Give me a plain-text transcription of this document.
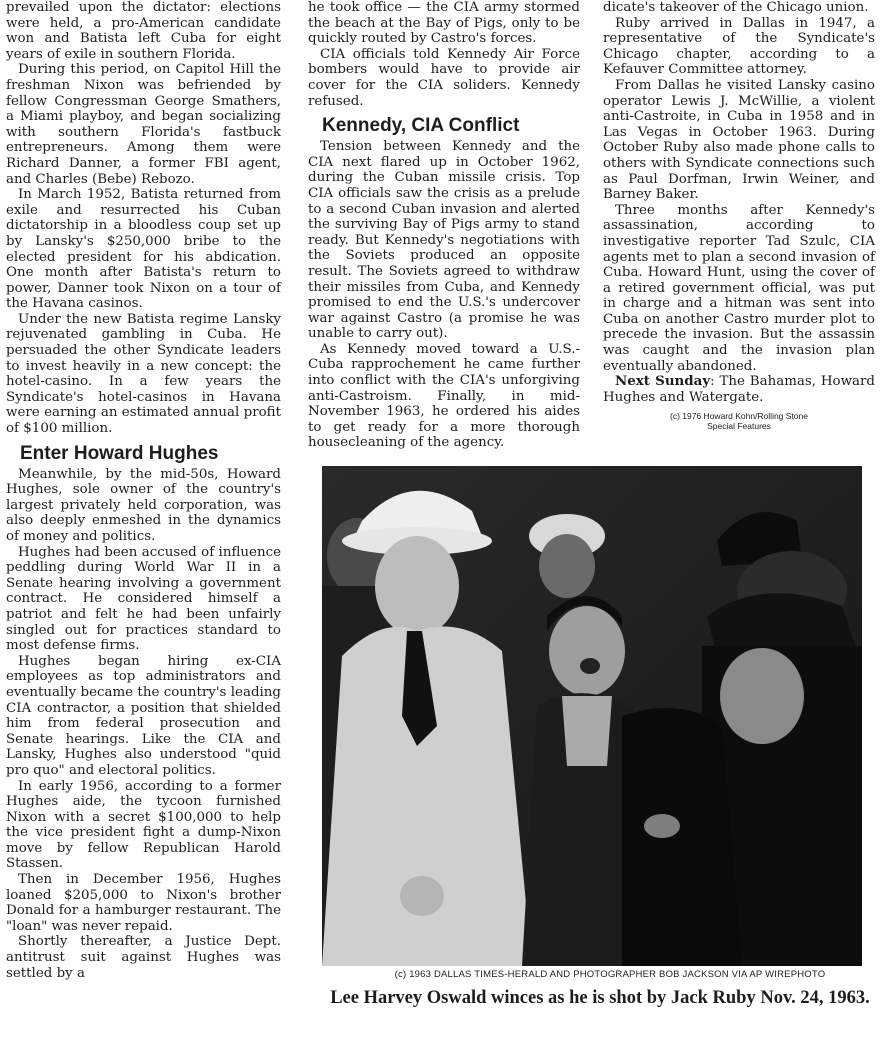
prevailed upon the dictator: elections were held, a pro-American candidate won and Batista left Cuba for eight years of exile in southern Florida.

During this period, on Capitol Hill the freshman Nixon was befriended by fellow Congressman George Smathers, a Miami playboy, and began socializing with southern Florida's fastbuck entrepreneurs. Among them were Richard Danner, a former FBI agent, and Charles (Bebe) Rebozo.

In March 1952, Batista returned from exile and resurrected his Cuban dictatorship in a bloodless coup set up by Lansky's $250,000 bribe to the elected president for his abdication. One month after Batista's return to power, Danner took Nixon on a tour of the Havana casinos.

Under the new Batista regime Lansky rejuvenated gambling in Cuba. He persuaded the other Syndicate leaders to invest heavily in a new concept: the hotel-casino. In a few years the Syndicate's hotel-casinos in Havana were earning an estimated annual profit of $100 million.

Enter Howard Hughes

Meanwhile, by the mid-50s, Howard Hughes, sole owner of the country's largest privately held corporation, was also deeply enmeshed in the dynamics of money and politics.

Hughes had been accused of influence peddling during World War II in a Senate hearing involving a government contract. He considered himself a patriot and felt he had been unfairly singled out for practices standard to most defense firms.

Hughes began hiring ex-CIA employees as top administrators and eventually became the country's leading CIA contractor, a position that shielded him from federal prosecution and Senate hearings. Like the CIA and Lansky, Hughes also understood "quid pro quo" and electoral politics.

In early 1956, according to a former Hughes aide, the tycoon furnished Nixon with a secret $100,000 to help the vice president fight a dump-Nixon move by fellow Republican Harold Stassen.

Then in December 1956, Hughes loaned $205,000 to Nixon's brother Donald for a hamburger restaurant. The "loan" was never repaid.

Shortly thereafter, a Justice Dept. antitrust suit against Hughes was settled by a

he took office — the CIA army stormed the beach at the Bay of Pigs, only to be quickly routed by Castro's forces.

CIA officials told Kennedy Air Force bombers would have to provide air cover for the CIA soliders. Kennedy refused.

Kennedy, CIA Conflict

Tension between Kennedy and the CIA next flared up in October 1962, during the Cuban missile crisis. Top CIA officials saw the crisis as a prelude to a second Cuban invasion and alerted the surviving Bay of Pigs army to stand ready. But Kennedy's negotiations with the Soviets produced an opposite result. The Soviets agreed to withdraw their missiles from Cuba, and Kennedy promised to end the U.S.'s undercover war against Castro (a promise he was unable to carry out).

As Kennedy moved toward a U.S.-Cuba rapprochement he came further into conflict with the CIA's unforgiving anti-Castroism. Finally, in mid-November 1963, he ordered his aides to get ready for a more thorough housecleaning of the agency.

dicate's takeover of the Chicago union.

Ruby arrived in Dallas in 1947, a representative of the Syndicate's Chicago chapter, according to a Kefauver Committee attorney.

From Dallas he visited Lansky casino operator Lewis J. McWillie, a violent anti-Castroite, in Cuba in 1958 and in Las Vegas in October 1963. During October Ruby also made phone calls to others with Syndicate connections such as Paul Dorfman, Irwin Weiner, and Barney Baker.

Three months after Kennedy's assassination, according to investigative reporter Tad Szulc, CIA agents met to plan a second invasion of Cuba. Howard Hunt, using the cover of a retired government official, was put in charge and a hitman was sent into Cuba on another Castro murder plot to precede the invasion. But the assassin was caught and the invasion plan eventually abandoned.

Next Sunday: The Bahamas, Howard Hughes and Watergate.

(c) 1976 Howard Kohn/Rolling Stone
Special Features
(c) 1963 DALLAS TIMES-HERALD AND PHOTOGRAPHER BOB JACKSON VIA AP WIREPHOTO
Lee Harvey Oswald winces as he is shot by Jack Ruby Nov. 24, 1963.
